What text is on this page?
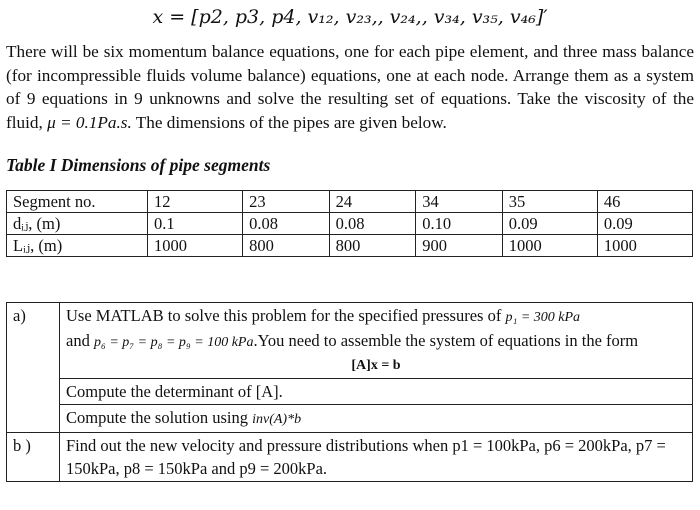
x = [p2, p3, p4, v₁₂, v₂₃,, v₂₄,, v₃₄, v₃₅, v₄₆]′
There will be six momentum balance equations, one for each pipe element, and three mass balance (for incompressible fluids volume balance) equations, one at each node. Arrange them as a system of 9 equations in 9 unknowns and solve the resulting set of equations. Take the viscosity of the fluid, μ = 0.1Pa.s. The dimensions of the pipes are given below.
Table I Dimensions of pipe segments
Segment no.	12	23	24	34	35	46
dᵢⱼ, (m)	0.1	0.08	0.08	0.10	0.09	0.09
Lᵢⱼ, (m)	1000	800	800	900	1000	1000
a)	Use MATLAB to solve this problem for the specified pressures of p₁ = 300 kPa
and p₆ = p₇ = p₈ = p₉ = 100 kPa.You need to assemble the system of equations in the form
[A]x = b

	Compute the determinant of [A].
	Compute the solution using inv(A)*b
b )	Find out the new velocity and pressure distributions when p1 = 100kPa, p6 = 200kPa, p7 = 150kPa, p8 = 150kPa and p9 = 200kPa.
